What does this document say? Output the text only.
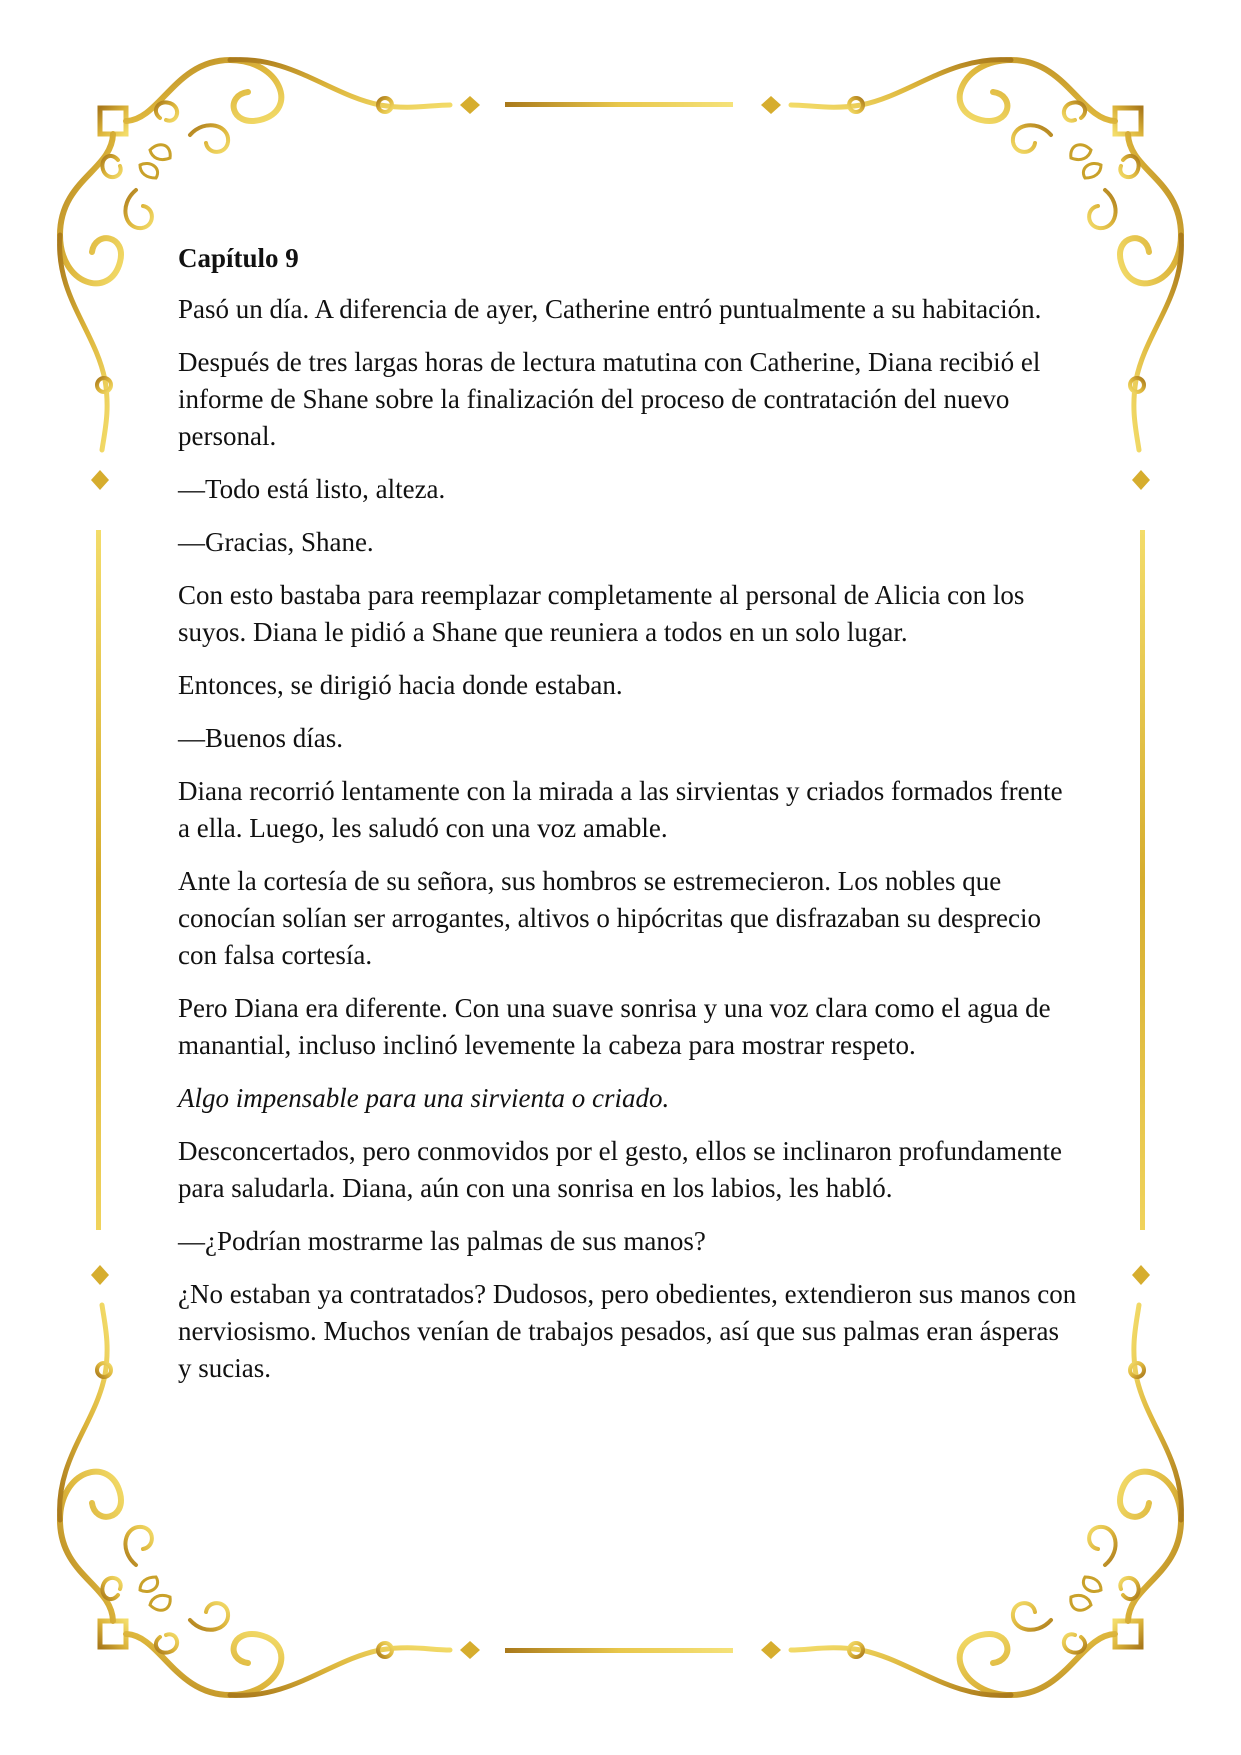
Capítulo 9

Pasó un día. A diferencia de ayer, Catherine entró puntualmente a su habitación.

Después de tres largas horas de lectura matutina con Catherine, Diana recibió el informe de Shane sobre la finalización del proceso de contratación del nuevo personal.

—Todo está listo, alteza.

—Gracias, Shane.

Con esto bastaba para reemplazar completamente al personal de Alicia con los suyos. Diana le pidió a Shane que reuniera a todos en un solo lugar.

Entonces, se dirigió hacia donde estaban.

—Buenos días.

Diana recorrió lentamente con la mirada a las sirvientas y criados formados frente a ella. Luego, les saludó con una voz amable.

Ante la cortesía de su señora, sus hombros se estremecieron. Los nobles que conocían solían ser arrogantes, altivos o hipócritas que disfrazaban su desprecio con falsa cortesía.

Pero Diana era diferente. Con una suave sonrisa y una voz clara como el agua de manantial, incluso inclinó levemente la cabeza para mostrar respeto.

Algo impensable para una sirvienta o criado.

Desconcertados, pero conmovidos por el gesto, ellos se inclinaron profundamente para saludarla. Diana, aún con una sonrisa en los labios, les habló.

—¿Podrían mostrarme las palmas de sus manos?

¿No estaban ya contratados? Dudosos, pero obedientes, extendieron sus manos con nerviosismo. Muchos venían de trabajos pesados, así que sus palmas eran ásperas y sucias.
